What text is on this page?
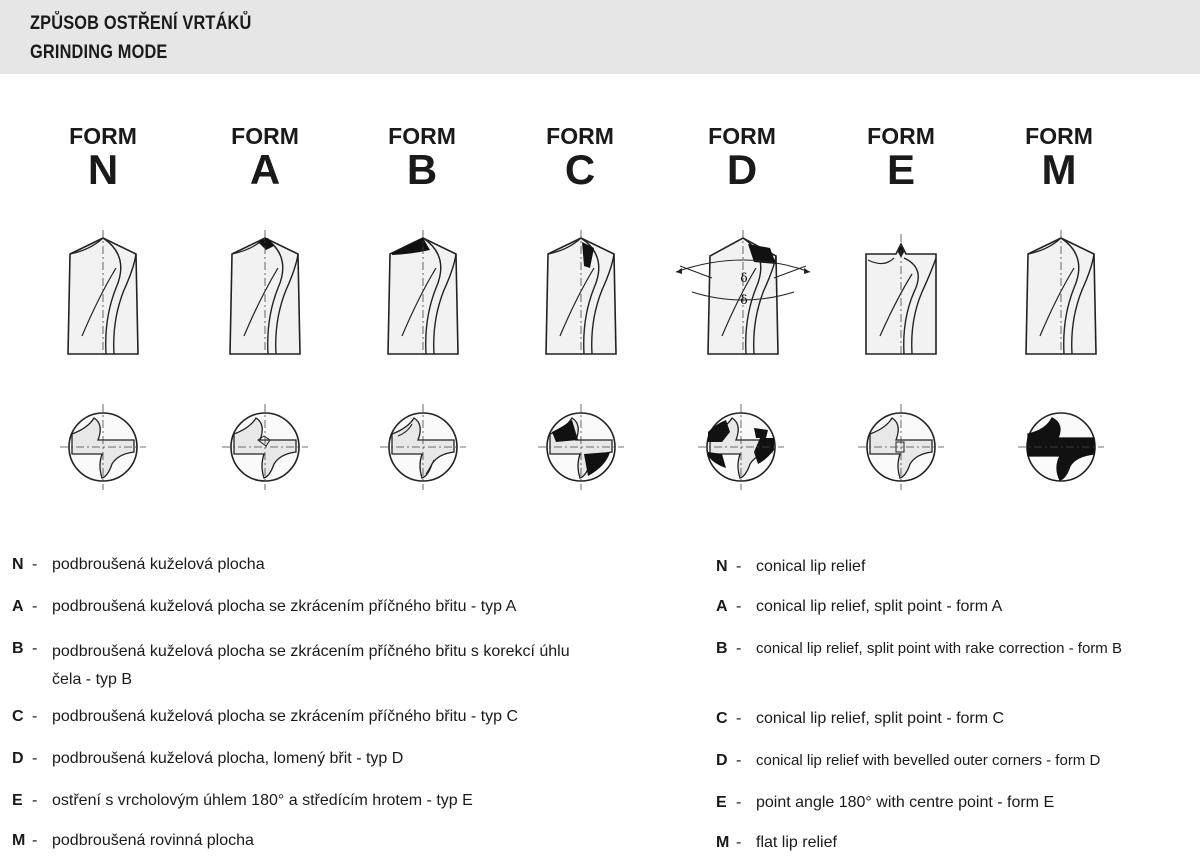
ZPŮSOB OSTŘENÍ VRTÁKŮ
GRINDING MODE
FORM
N
FORM
A
FORM
B
FORM
C
FORM
D
FORM
E
FORM
M
δ
δ
N - podbroušená kuželová plocha
A - podbroušená kuželová plocha se zkrácením příčného břitu - typ A
B - podbroušená kuželová plocha se zkrácením příčného břitu s korekcí úhlu čela - typ B
C - podbroušená kuželová plocha se zkrácením příčného břitu - typ C
D - podbroušená kuželová plocha, lomený břit - typ D
E - ostření s vrcholovým úhlem 180° a středícím hrotem - typ E
M - podbroušená rovinná plocha
N - conical lip relief
A - conical lip relief, split point - form A
B - conical lip relief, split point with rake correction - form B
C - conical lip relief, split point - form C
D - conical lip relief with bevelled outer corners - form D
E - point angle 180° with centre point - form E
M - flat lip relief
